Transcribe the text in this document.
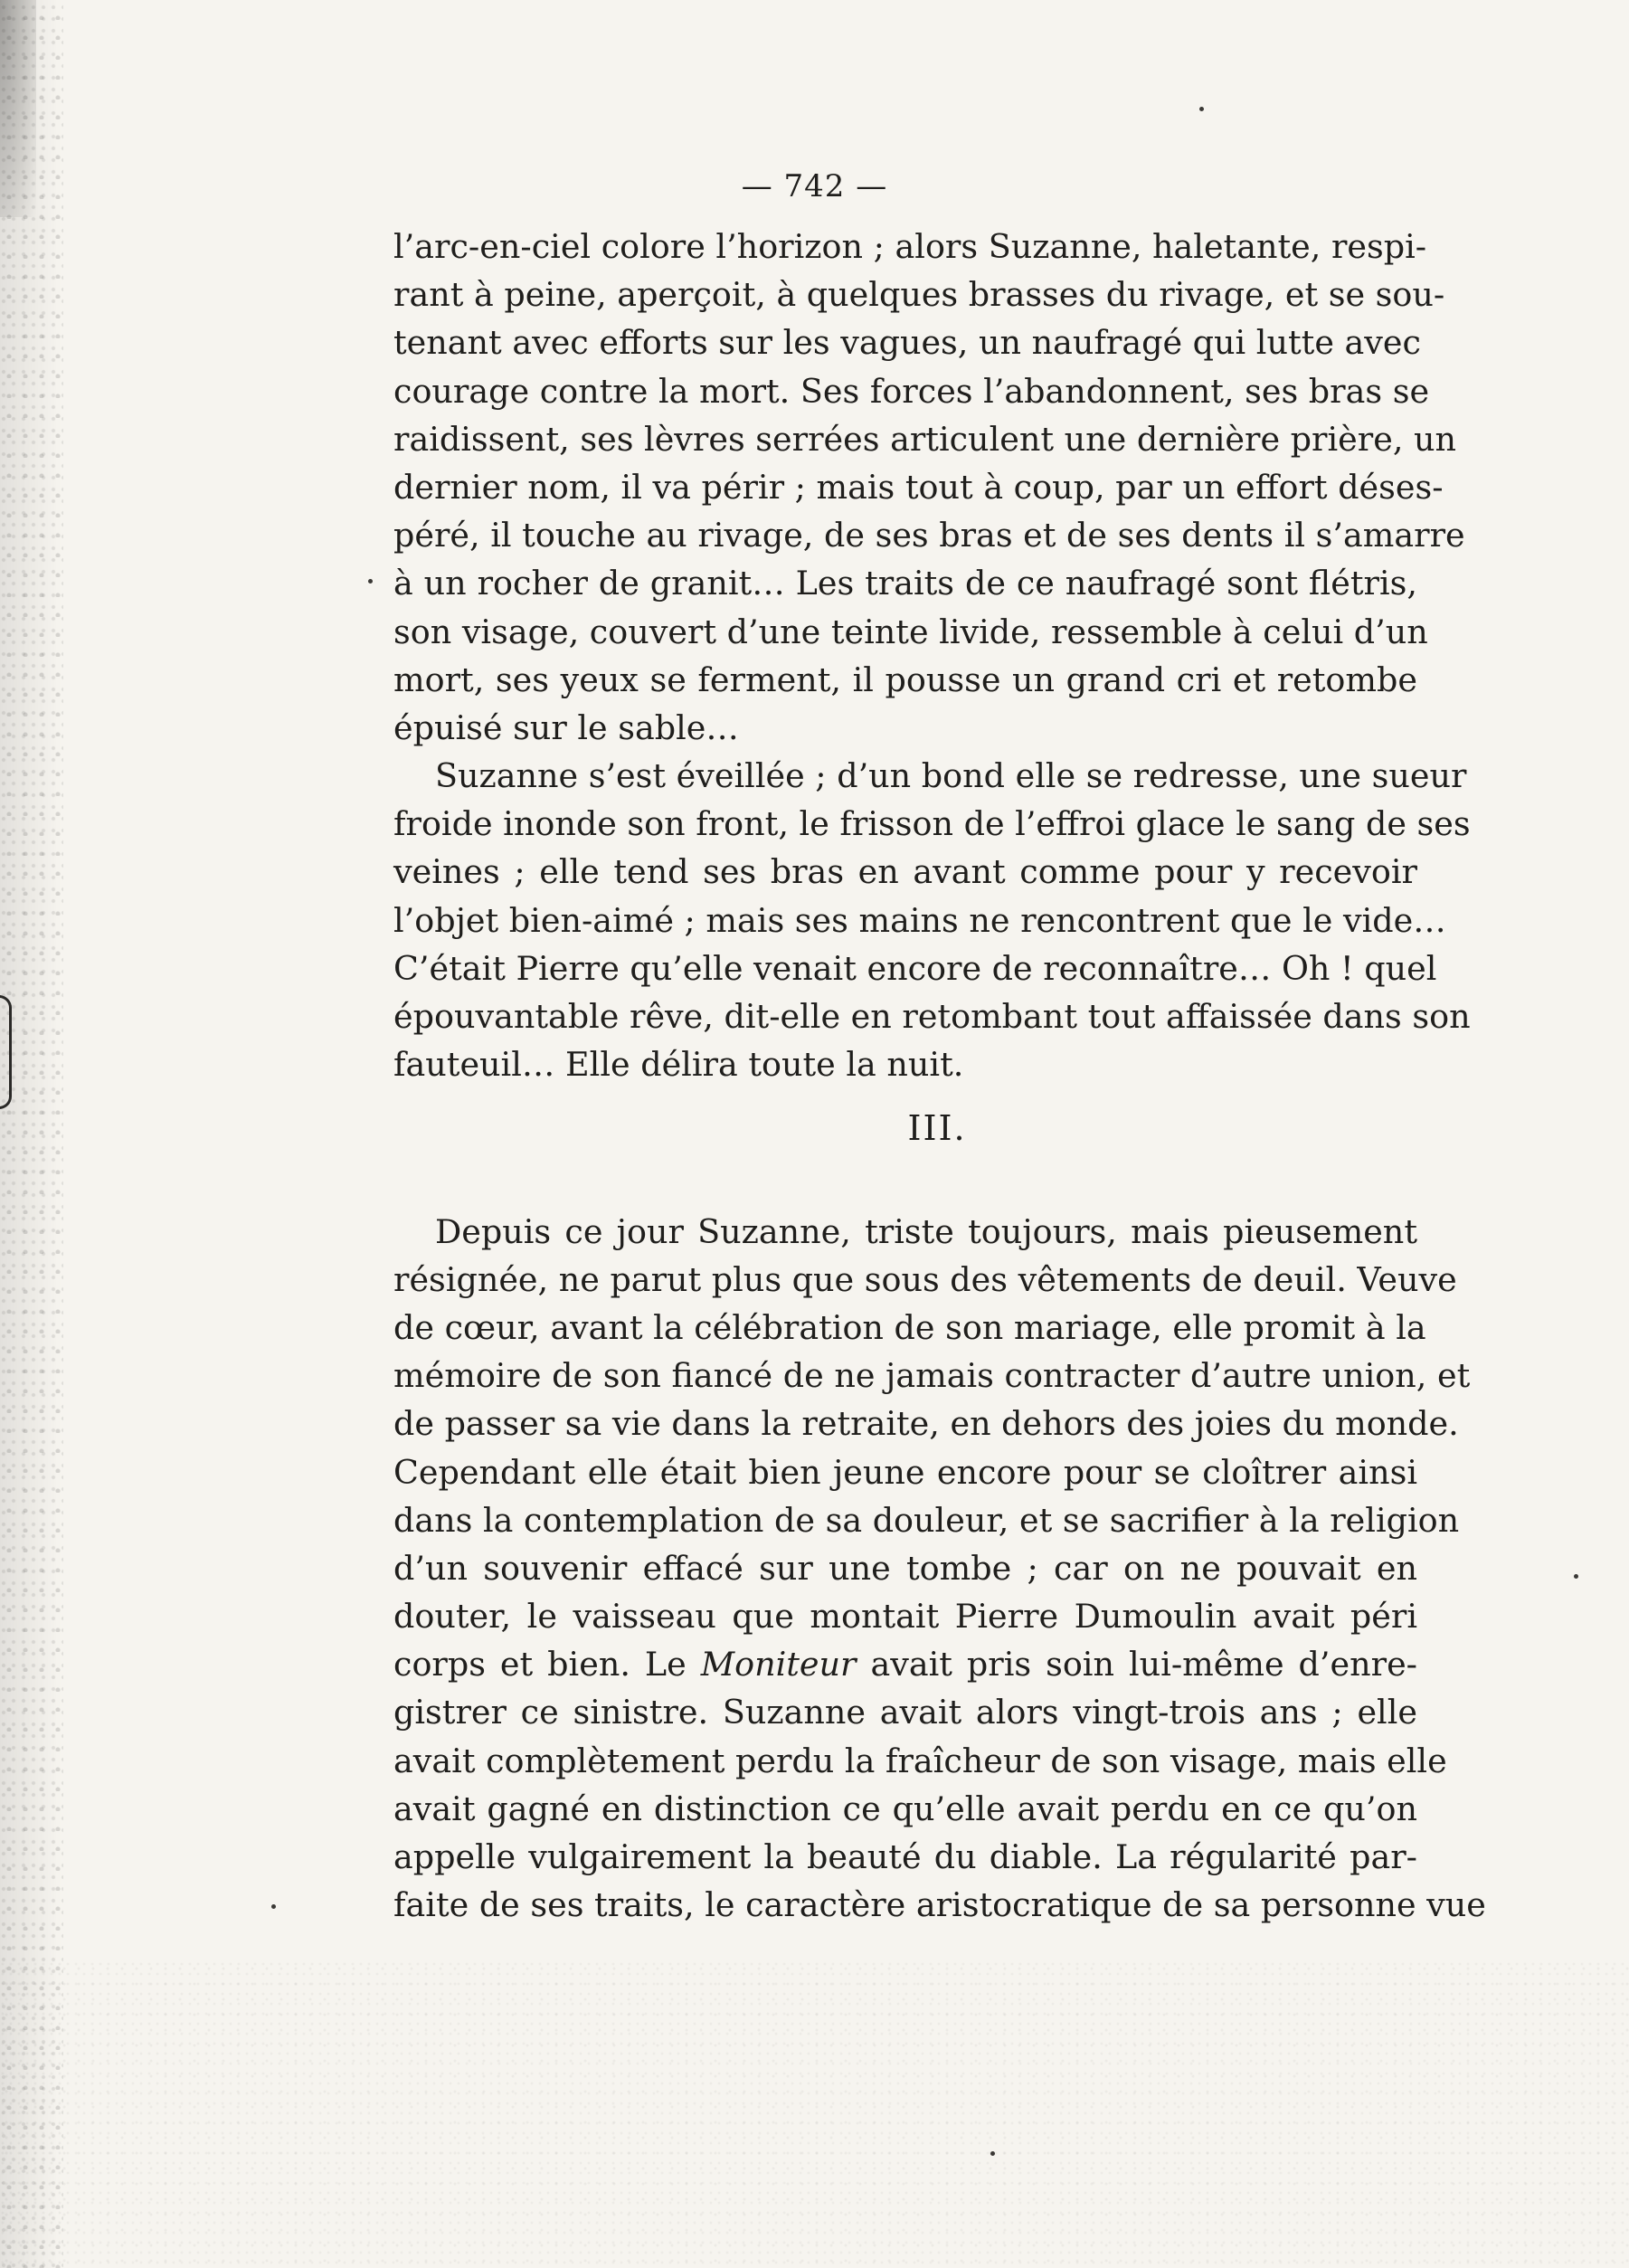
— 742 —
l’arc-en-ciel colore l’horizon ; alors Suzanne, haletante, respi-
rant à peine, aperçoit, à quelques brasses du rivage, et se sou-
tenant avec efforts sur les vagues, un naufragé qui lutte avec
courage contre la mort. Ses forces l’abandonnent, ses bras se
raidissent, ses lèvres serrées articulent une dernière prière, un
dernier nom, il va périr ; mais tout à coup, par un effort déses-
péré, il touche au rivage, de ses bras et de ses dents il s’amarre
à un rocher de granit… Les traits de ce naufragé sont flétris,
son visage, couvert d’une teinte livide, ressemble à celui d’un
mort, ses yeux se ferment, il pousse un grand cri et retombe
épuisé sur le sable…
Suzanne s’est éveillée ; d’un bond elle se redresse, une sueur
froide inonde son front, le frisson de l’effroi glace le sang de ses
veines ; elle tend ses bras en avant comme pour y recevoir
l’objet bien-aimé ; mais ses mains ne rencontrent que le vide…
C’était Pierre qu’elle venait encore de reconnaître… Oh ! quel
épouvantable rêve, dit-elle en retombant tout affaissée dans son
fauteuil… Elle délira toute la nuit.
III.
Depuis ce jour Suzanne, triste toujours, mais pieusement
résignée, ne parut plus que sous des vêtements de deuil. Veuve
de cœur, avant la célébration de son mariage, elle promit à la
mémoire de son fiancé de ne jamais contracter d’autre union, et
de passer sa vie dans la retraite, en dehors des joies du monde.
Cependant elle était bien jeune encore pour se cloîtrer ainsi
dans la contemplation de sa douleur, et se sacrifier à la religion
d’un souvenir effacé sur une tombe ; car on ne pouvait en
douter, le vaisseau que montait Pierre Dumoulin avait péri
corps et bien. Le Moniteur avait pris soin lui-même d’enre-
gistrer ce sinistre. Suzanne avait alors vingt-trois ans ; elle
avait complètement perdu la fraîcheur de son visage, mais elle
avait gagné en distinction ce qu’elle avait perdu en ce qu’on
appelle vulgairement la beauté du diable. La régularité par-
faite de ses traits, le caractère aristocratique de sa personne vue
